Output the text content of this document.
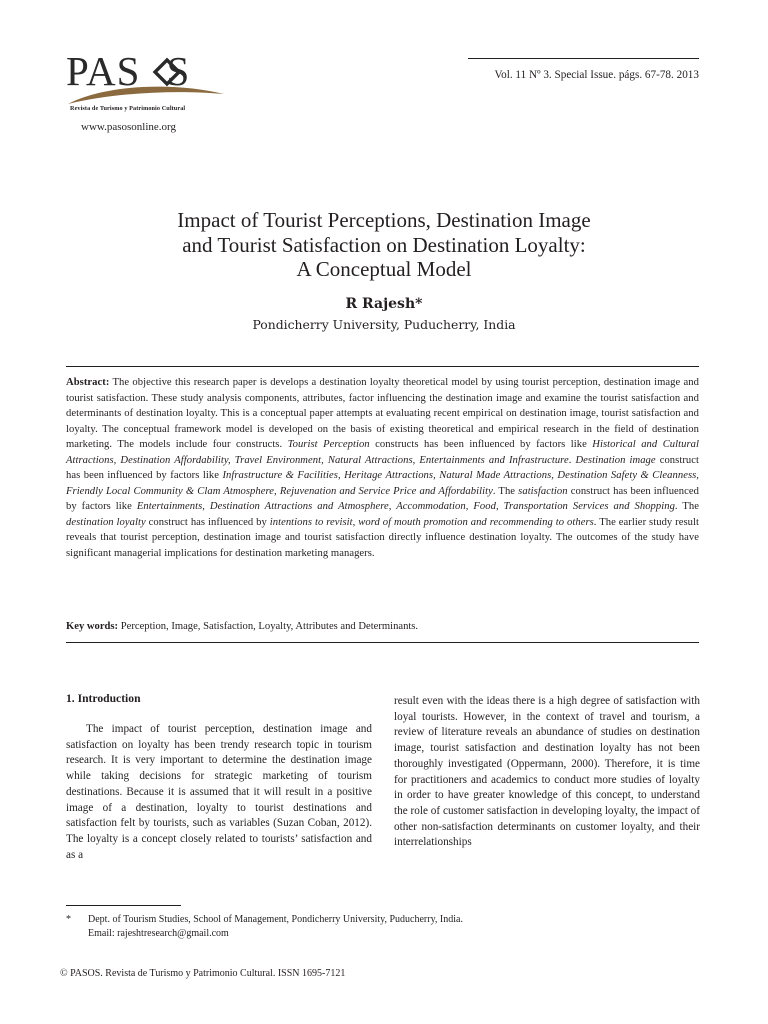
PAS S
Revista de Turismo y Patrimonio Cultural
www.pasosonline.org
Vol. 11 Nº 3. Special Issue. págs. 67-78. 2013
Impact of Tourist Perceptions, Destination Image
and Tourist Satisfaction on Destination Loyalty:
A Conceptual Model
R Rajesh*
Pondicherry University, Puducherry, India
Abstract: The objective this research paper is develops a destination loyalty theoretical model by using tourist perception, destination image and tourist satisfaction. These study analysis components, attributes, factor influencing the destination image and examine the tourist satisfaction and determinants of destination loyalty. This is a conceptual paper attempts at evaluating recent empirical on destination image, tourist satisfaction and loyalty. The conceptual framework model is developed on the basis of existing theoretical and empirical research in the field of destination marketing. The models include four constructs. Tourist Perception constructs has been influenced by factors like Historical and Cultural Attractions, Destination Affordability, Travel Environment, Natural Attractions, Entertainments and Infrastructure. Destination image construct has been influenced by factors like Infrastructure & Facilities, Heritage Attractions, Natural Made Attractions, Destination Safety & Cleanness, Friendly Local Community & Clam Atmosphere, Rejuvenation and Service Price and Affordability. The satisfaction construct has been influenced by factors like Entertainments, Destination Attractions and Atmosphere, Accommodation, Food, Transportation Services and Shopping. The destination loyalty construct has influenced by intentions to revisit, word of mouth promotion and recommending to others. The earlier study result reveals that tourist perception, destination image and tourist satisfaction directly influence destination loyalty. The outcomes of the study have significant managerial implications for destination marketing managers.
Key words: Perception, Image, Satisfaction, Loyalty, Attributes and Determinants.
1. Introduction
The impact of tourist perception, destination image and satisfaction on loyalty has been trendy research topic in tourism research. It is very important to determine the destination image while taking decisions for strategic marketing of tourism destinations. Because it is assumed that it will result in a positive image of a destination, loyalty to tourist destinations and satisfaction felt by tourists, such as variables (Suzan Coban, 2012). The loyalty is a concept closely related to tourists’ satisfaction and as a
result even with the ideas there is a high degree of satisfaction with loyal tourists. However, in the context of travel and tourism, a review of literature reveals an abundance of studies on destination image, tourist satisfaction and destination loyalty has not been thoroughly investigated (Oppermann, 2000). Therefore, it is time for practitioners and academics to conduct more studies of loyalty in order to have greater knowledge of this concept, to understand the role of customer satisfaction in developing loyalty, the impact of other non-satisfaction determinants on customer loyalty, and their interrelationships
* Dept. of Tourism Studies, School of Management, Pondicherry University, Puducherry, India.
Email: rajeshtresearch@gmail.com
© PASOS. Revista de Turismo y Patrimonio Cultural. ISSN 1695-7121
